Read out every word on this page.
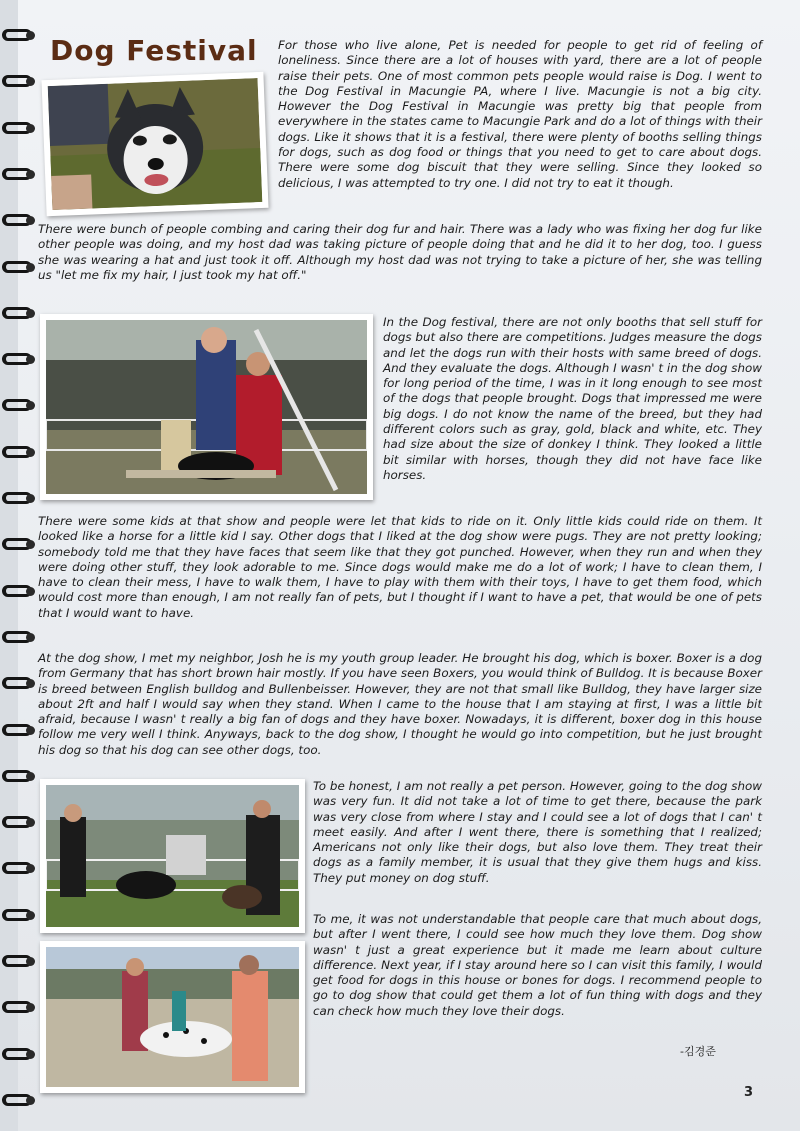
Dog Festival For those who live alone, Pet is needed for people to get rid of feeling of loneliness. Since there are a lot of houses with yard, there are a lot of people raise their pets. One of most common pets people would raise is Dog. I went to the Dog Festival in Macungie PA, where I live. Macungie is not a big city. However the Dog Festival in Macungie was pretty big that people from everywhere in the states came to Macungie Park and do a lot of things with their dogs. Like it shows that it is a festival, there were plenty of booths selling things for dogs, such as dog food or things that you need to get to care about dogs. There were some dog biscuit that they were selling. Since they looked so delicious, I was attempted to try one. I did not try to eat it though.

There were bunch of people combing and caring their dog fur and hair. There was a lady who was fixing her dog fur like other people was doing, and my host dad was taking picture of people doing that and he did it to her dog, too. I guess she was wearing a hat and just took it off. Although my host dad was not trying to take a picture of her, she was telling us "let me fix my hair, I just took my hat off."

In the Dog festival, there are not only booths that sell stuff for dogs but also there are competitions. Judges measure the dogs and let the dogs run with their hosts with same breed of dogs. And they evaluate the dogs. Although I wasn' t in the dog show for long period of the time, I was in it long enough to see most of the dogs that people brought. Dogs that impressed me were big dogs. I do not know the name of the breed, but they had different colors such as gray, gold, black and white, etc. They had size about the size of donkey I think. They looked a little bit similar with horses, though they did not have face like horses.

There were some kids at that show and people were let that kids to ride on it. Only little kids could ride on them. It looked like a horse for a little kid I say. Other dogs that I liked at the dog show were pugs. They are not pretty looking; somebody told me that they have faces that seem like that they got punched. However, when they run and when they were doing other stuff, they look adorable to me. Since dogs would make me do a lot of work; I have to clean them, I have to clean their mess, I have to walk them, I have to play with them with their toys, I have to get them food, which would cost more than enough, I am not really fan of pets, but I thought if I want to have a pet, that would be one of pets that I would want to have.

At the dog show, I met my neighbor, Josh he is my youth group leader. He brought his dog, which is boxer. Boxer is a dog from Germany that has short brown hair mostly. If you have seen Boxers, you would think of Bulldog. It is because Boxer is breed between English bulldog and Bullenbeisser. However, they are not that small like Bulldog, they have larger size about 2ft and half I would say when they stand. When I came to the house that I am staying at first, I was a little bit afraid, because I wasn' t really a big fan of dogs and they have boxer. Nowadays, it is different, boxer dog in this house follow me very well I think. Anyways, back to the dog show, I thought he would go into competition, but he just brought his dog so that his dog can see other dogs, too.

To be honest, I am not really a pet person. However, going to the dog show was very fun. It did not take a lot of time to get there, because the park was very close from where I stay and I could see a lot of dogs that I can' t meet easily. And after I went there, there is something that I realized; Americans not only like their dogs, but also love them. They treat their dogs as a family member, it is usual that they give them hugs and kiss. They put money on dog stuff.

To me, it was not understandable that people care that much about dogs, but after I went there, I could see how much they love them. Dog show wasn' t just a great experience but it made me learn about culture difference. Next year, if I stay around here so I can visit this family, I would get food for dogs in this house or bones for dogs. I recommend people to go to dog show that could get them a lot of fun thing with dogs and they can check how much they love their dogs.

-김경준

3
